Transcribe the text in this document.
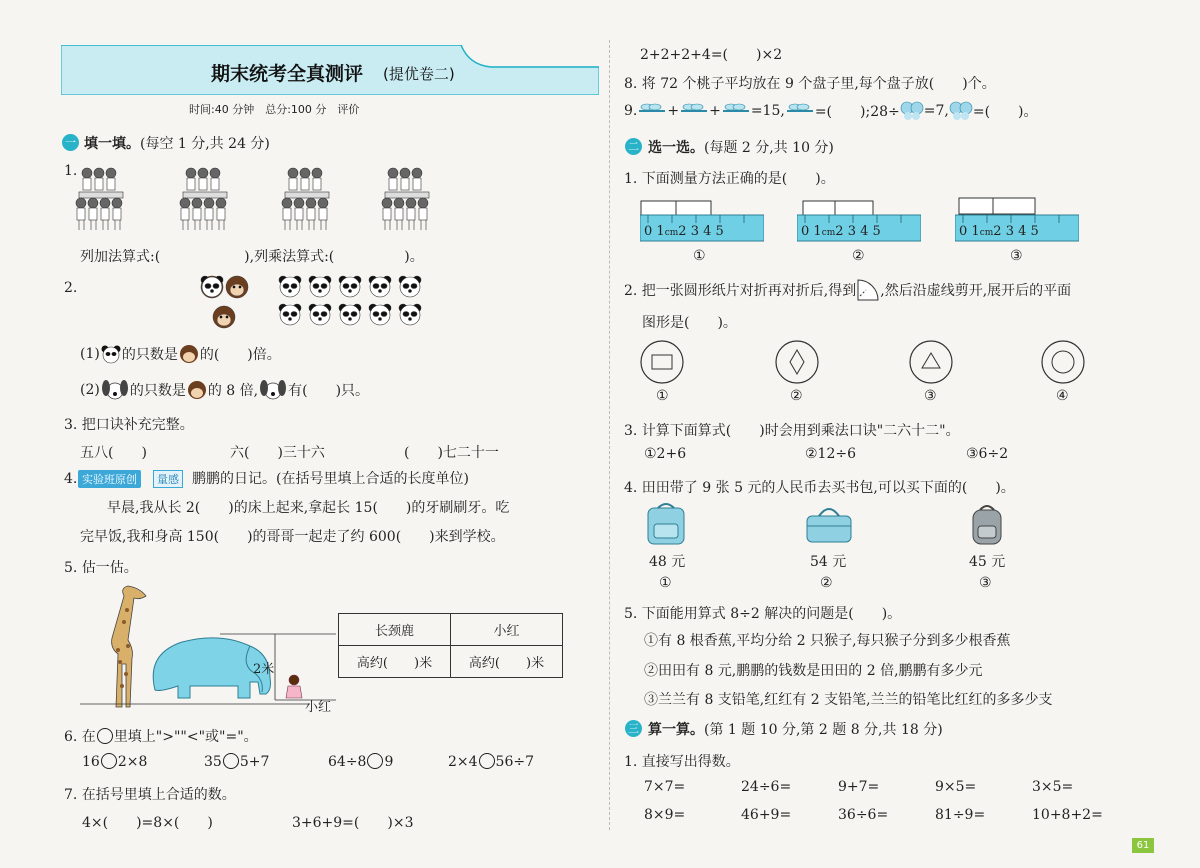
期末统考全真测评 (提优卷二)
时间:40 分钟　总分:100 分　评价
一 填一填。(每空 1 分,共 24 分)
1.
列加法算式:(　　　　　　),列乘法算式:(　　　　　)。
2.
(1) 的只数是 的(　　)倍。
(2) 的只数是 的 8 倍, 有(　　)只。
3. 把口诀补充完整。
五八(　　)	六(　　)三十六	(　　)七二十一
4. 实验班原创	量感 鹏鹏的日记。(在括号里填上合适的长度单位)
早晨,我从长 2(　　)的床上起来,拿起长 15(　　)的牙刷刷牙。吃
完早饭,我和身高 150(　　)的哥哥一起走了约 600(　　)来到学校。
5. 估一估。
2米
小红
长颈鹿	小红
高约(　　)米	高约(　　)米
6. 在 里填上">""<"或"="。
16 2×8	35 5+7	64÷8 9	2×4 56÷7
7. 在括号里填上合适的数。
4×(　　)=8×(　　)	3+6+9=(　　)×3
2+2+2+4=(　　)×2
8. 将 72 个桃子平均放在 9 个盘子里,每个盘子放(　　)个。
9. + + =15, =(　　);28÷ =7, =(　　)。
二 选一选。(每题 2 分,共 10 分)
1. 下面测量方法正确的是(　　)。
0 1cm2 3 4 5	0 1cm2 3 4 5	0 1cm2 3 4 5
①	②	③
2. 把一张圆形纸片对折再对折后,得到 ,然后沿虚线剪开,展开后的平面
图形是(　　)。
①	②	③	④
3. 计算下面算式(　　)时会用到乘法口诀"二六十二"。
①2+6	②12÷6	③6÷2
4. 田田带了 9 张 5 元的人民币去买书包,可以买下面的(　　)。
48 元	54 元	45 元
①	②	③
5. 下面能用算式 8÷2 解决的问题是(　　)。
①有 8 根香蕉,平均分给 2 只猴子,每只猴子分到多少根香蕉
②田田有 8 元,鹏鹏的钱数是田田的 2 倍,鹏鹏有多少元
③兰兰有 8 支铅笔,红红有 2 支铅笔,兰兰的铅笔比红红的多多少支
三 算一算。(第 1 题 10 分,第 2 题 8 分,共 18 分)
1. 直接写出得数。
7×7=	24÷6=	9+7=	9×5=	3×5=
8×9=	46+9=	36÷6=	81÷9=	10+8+2=
61
